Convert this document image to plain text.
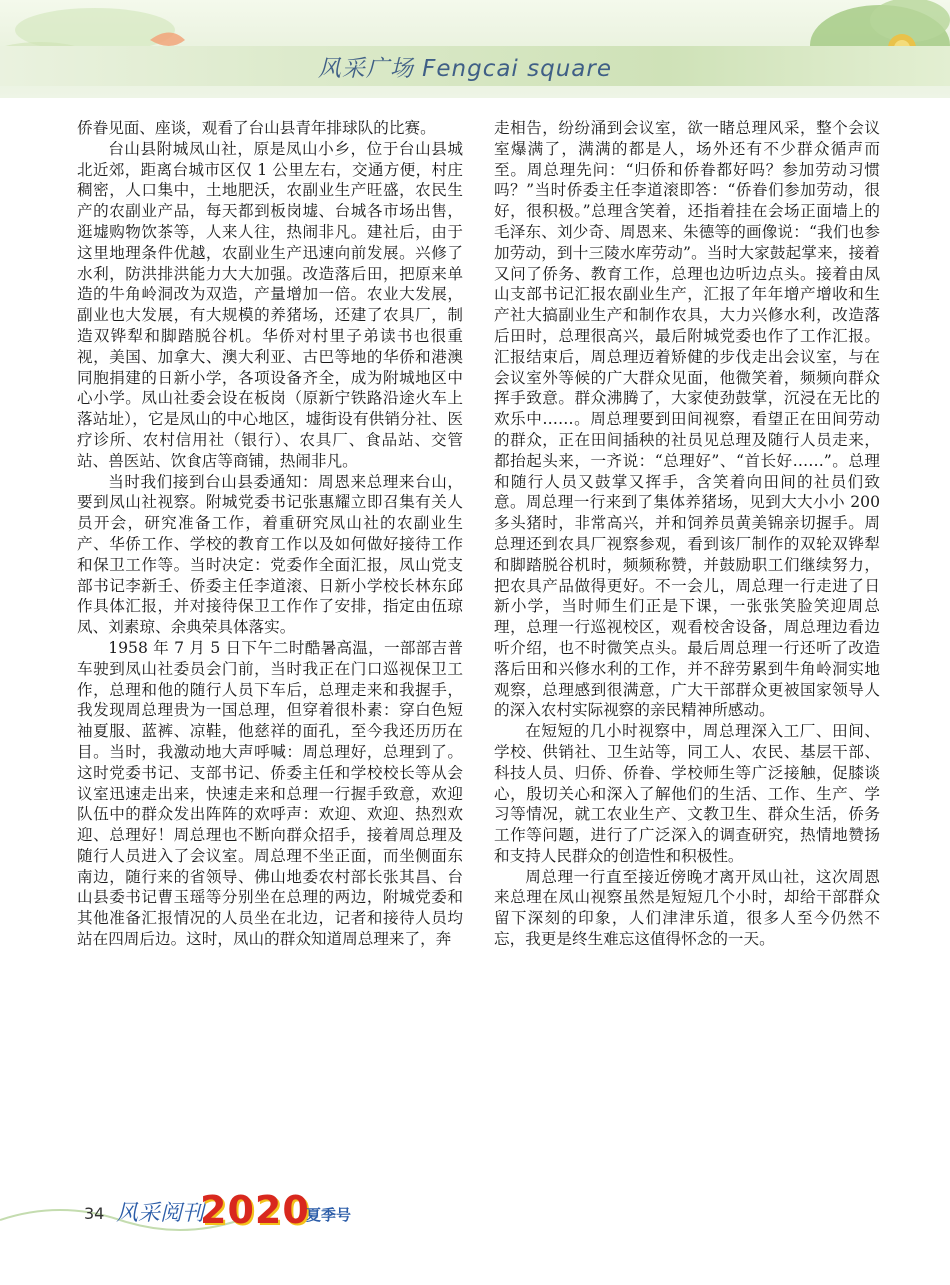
风采广场 Fengcai square

侨眷见面、座谈，观看了台山县青年排球队的比赛。

台山县附城凤山社，原是凤山小乡，位于台山县城北近郊，距离台城市区仅 1 公里左右，交通方便，村庄稠密，人口集中，土地肥沃，农副业生产旺盛，农民生产的农副业产品，每天都到板岗墟、台城各市场出售，逛墟购物饮茶等，人来人往，热闹非凡。建社后，由于这里地理条件优越，农副业生产迅速向前发展。兴修了水利，防洪排洪能力大大加强。改造落后田，把原来单造的牛角岭洞改为双造，产量增加一倍。农业大发展，副业也大发展，有大规模的养猪场，还建了农具厂，制造双铧犁和脚踏脱谷机。华侨对村里子弟读书也很重视，美国、加拿大、澳大利亚、古巴等地的华侨和港澳同胞捐建的日新小学，各项设备齐全，成为附城地区中心小学。凤山社委会设在板岗（原新宁铁路沿途火车上落站址），它是凤山的中心地区，墟街设有供销分社、医疗诊所、农村信用社（银行）、农具厂、食品站、交管站、兽医站、饮食店等商铺，热闹非凡。

当时我们接到台山县委通知：周恩来总理来台山，要到凤山社视察。附城党委书记张惠耀立即召集有关人员开会，研究准备工作，着重研究凤山社的农副业生产、华侨工作、学校的教育工作以及如何做好接待工作和保卫工作等。当时决定：党委作全面汇报，凤山党支部书记李新壬、侨委主任李道滚、日新小学校长林东邱作具体汇报，并对接待保卫工作作了安排，指定由伍琼凤、刘素琼、余典荣具体落实。

1958 年 7 月 5 日下午二时酷暑高温，一部部吉普车驶到凤山社委员会门前，当时我正在门口巡视保卫工作，总理和他的随行人员下车后，总理走来和我握手，我发现周总理贵为一国总理，但穿着很朴素：穿白色短袖夏服、蓝裤、凉鞋，他慈祥的面孔，至今我还历历在目。当时，我激动地大声呼喊：周总理好，总理到了。这时党委书记、支部书记、侨委主任和学校校长等从会议室迅速走出来，快速走来和总理一行握手致意，欢迎队伍中的群众发出阵阵的欢呼声：欢迎、欢迎、热烈欢迎、总理好！周总理也不断向群众招手，接着周总理及随行人员进入了会议室。周总理不坐正面，而坐侧面东南边，随行来的省领导、佛山地委农村部长张其昌、台山县委书记曹玉瑶等分别坐在总理的两边，附城党委和其他准备汇报情况的人员坐在北边，记者和接待人员均站在四周后边。这时，凤山的群众知道周总理来了，奔

走相告，纷纷涌到会议室，欲一睹总理风采，整个会议室爆满了，满满的都是人，场外还有不少群众循声而至。周总理先问：“归侨和侨眷都好吗？参加劳动习惯吗？”当时侨委主任李道滚即答：“侨眷们参加劳动，很好，很积极。”总理含笑着，还指着挂在会场正面墙上的毛泽东、刘少奇、周恩来、朱德等的画像说：“我们也参加劳动，到十三陵水库劳动”。当时大家鼓起掌来，接着又问了侨务、教育工作，总理也边听边点头。接着由凤山支部书记汇报农副业生产，汇报了年年增产增收和生产社大搞副业生产和制作农具，大力兴修水利，改造落后田时，总理很高兴，最后附城党委也作了工作汇报。汇报结束后，周总理迈着矫健的步伐走出会议室，与在会议室外等候的广大群众见面，他微笑着，频频向群众挥手致意。群众沸腾了，大家使劲鼓掌，沉浸在无比的欢乐中……。周总理要到田间视察，看望正在田间劳动的群众，正在田间插秧的社员见总理及随行人员走来，都抬起头来，一齐说：“总理好”、“首长好……”。总理和随行人员又鼓掌又挥手，含笑着向田间的社员们致意。周总理一行来到了集体养猪场，见到大大小小 200 多头猪时，非常高兴，并和饲养员黄美锦亲切握手。周总理还到农具厂视察参观，看到该厂制作的双轮双铧犁和脚踏脱谷机时，频频称赞，并鼓励职工们继续努力，把农具产品做得更好。不一会儿，周总理一行走进了日新小学，当时师生们正是下课，一张张笑脸笑迎周总理，总理一行巡视校区，观看校舍设备，周总理边看边听介绍，也不时微笑点头。最后周总理一行还听了改造落后田和兴修水利的工作，并不辞劳累到牛角岭洞实地观察，总理感到很满意，广大干部群众更被国家领导人的深入农村实际视察的亲民精神所感动。

在短短的几小时视察中，周总理深入工厂、田间、学校、供销社、卫生站等，同工人、农民、基层干部、科技人员、归侨、侨眷、学校师生等广泛接触，促膝谈心，殷切关心和深入了解他们的生活、工作、生产、学习等情况，就工农业生产、文教卫生、群众生活，侨务工作等问题，进行了广泛深入的调查研究，热情地赞扬和支持人民群众的创造性和积极性。

周总理一行直至接近傍晚才离开凤山社，这次周恩来总理在凤山视察虽然是短短几个小时，却给干部群众留下深刻的印象，人们津津乐道，很多人至今仍然不忘，我更是终生难忘这值得怀念的一天。

34 风采阅刊
2020
夏季号
